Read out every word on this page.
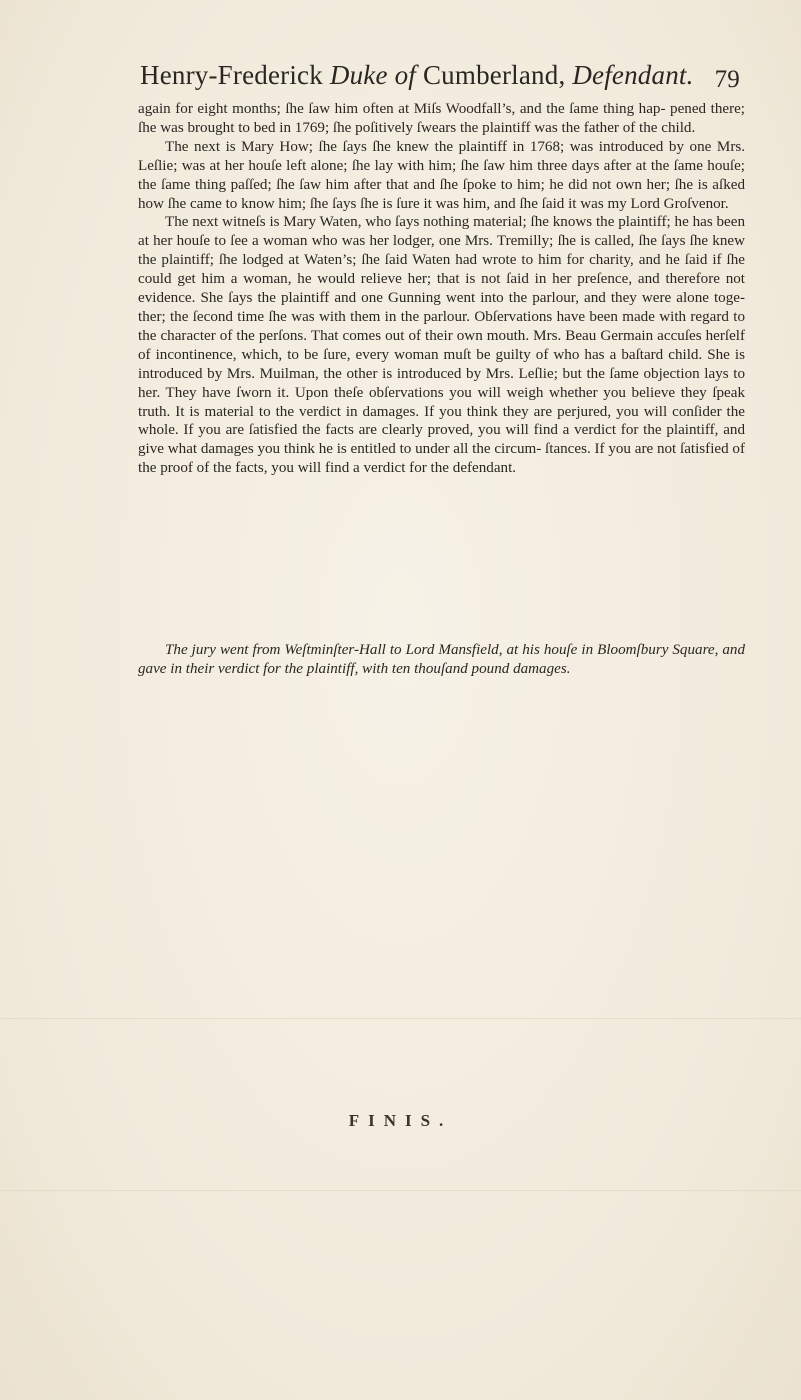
Henry-Frederick Duke of Cumberland, Defendant. 79

again for eight months; ſhe ſaw him often at Miſs Woodfall’s, and the ſame thing hap- pened there; ſhe was brought to bed in 1769; ſhe poſitively ſwears the plaintiff was the father of the child.

The next is Mary How; ſhe ſays ſhe knew the plaintiff in 1768; was introduced by one Mrs. Leſlie; was at her houſe left alone; ſhe lay with him; ſhe ſaw him three days after at the ſame houſe; the ſame thing paſſed; ſhe ſaw him after that and ſhe ſpoke to him; he did not own her; ſhe is aſked how ſhe came to know him; ſhe ſays ſhe is ſure it was him, and ſhe ſaid it was my Lord Groſvenor.

The next witneſs is Mary Waten, who ſays nothing material; ſhe knows the plaintiff; he has been at her houſe to ſee a woman who was her lodger, one Mrs. Tremilly; ſhe is called, ſhe ſays ſhe knew the plaintiff; ſhe lodged at Waten’s; ſhe ſaid Waten had wrote to him for charity, and he ſaid if ſhe could get him a woman, he would relieve her; that is not ſaid in her preſence, and therefore not evidence. She ſays the plaintiff and one Gunning went into the parlour, and they were alone toge- ther; the ſecond time ſhe was with them in the parlour. Obſervations have been made with regard to the character of the perſons. That comes out of their own mouth. Mrs. Beau Germain accuſes herſelf of incontinence, which, to be ſure, every woman muſt be guilty of who has a baſtard child. She is introduced by Mrs. Muilman, the other is introduced by Mrs. Leſlie; but the ſame objection lays to her. They have ſworn it. Upon theſe obſervations you will weigh whether you believe they ſpeak truth. It is material to the verdict in damages. If you think they are perjured, you will conſider the whole. If you are ſatisfied the facts are clearly proved, you will find a verdict for the plaintiff, and give what damages you think he is entitled to under all the circum- ſtances. If you are not ſatisfied of the proof of the facts, you will find a verdict for the defendant.

The jury went from Weſtminſter-Hall to Lord Mansfield, at his houſe in Bloomſbury Square, and gave in their verdict for the plaintiff, with ten thouſand pound damages.

FINIS.
